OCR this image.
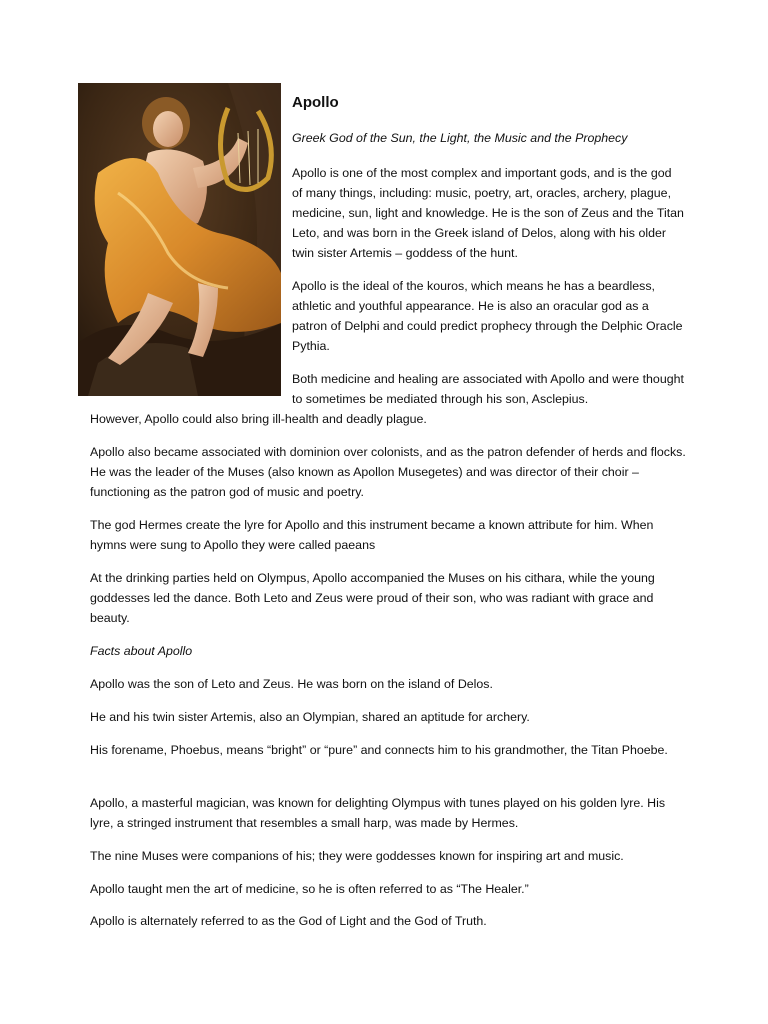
Apollo

Greek God of the Sun, the Light, the Music and the Prophecy

Apollo is one of the most complex and important gods, and is the god of many things, including: music, poetry, art, oracles, archery, plague, medicine, sun, light and knowledge. He is the son of Zeus and the Titan Leto, and was born in the Greek island of Delos, along with his older twin sister Artemis – goddess of the hunt.

Apollo is the ideal of the kouros, which means he has a beardless, athletic and youthful appearance. He is also an oracular god as a patron of Delphi and could predict prophecy through the Delphic Oracle Pythia.

Both medicine and healing are associated with Apollo and were thought to sometimes be mediated through his son, Asclepius.

However, Apollo could also bring ill-health and deadly plague.

Apollo also became associated with dominion over colonists, and as the patron defender of herds and flocks. He was the leader of the Muses (also known as Apollon Musegetes) and was director of their choir – functioning as the patron god of music and poetry.

The god Hermes create the lyre for Apollo and this instrument became a known attribute for him. When hymns were sung to Apollo they were called paeans

At the drinking parties held on Olympus, Apollo accompanied the Muses on his cithara, while the young goddesses led the dance. Both Leto and Zeus were proud of their son, who was radiant with grace and beauty.

Facts about Apollo

Apollo was the son of Leto and Zeus. He was born on the island of Delos.

He and his twin sister Artemis, also an Olympian, shared an aptitude for archery.

His forename, Phoebus, means “bright” or “pure” and connects him to his grandmother, the Titan Phoebe.

Apollo, a masterful magician, was known for delighting Olympus with tunes played on his golden lyre. His lyre, a stringed instrument that resembles a small harp, was made by Hermes.

The nine Muses were companions of his; they were goddesses known for inspiring art and music.

Apollo taught men the art of medicine, so he is often referred to as “The Healer.”

Apollo is alternately referred to as the God of Light and the God of Truth.
